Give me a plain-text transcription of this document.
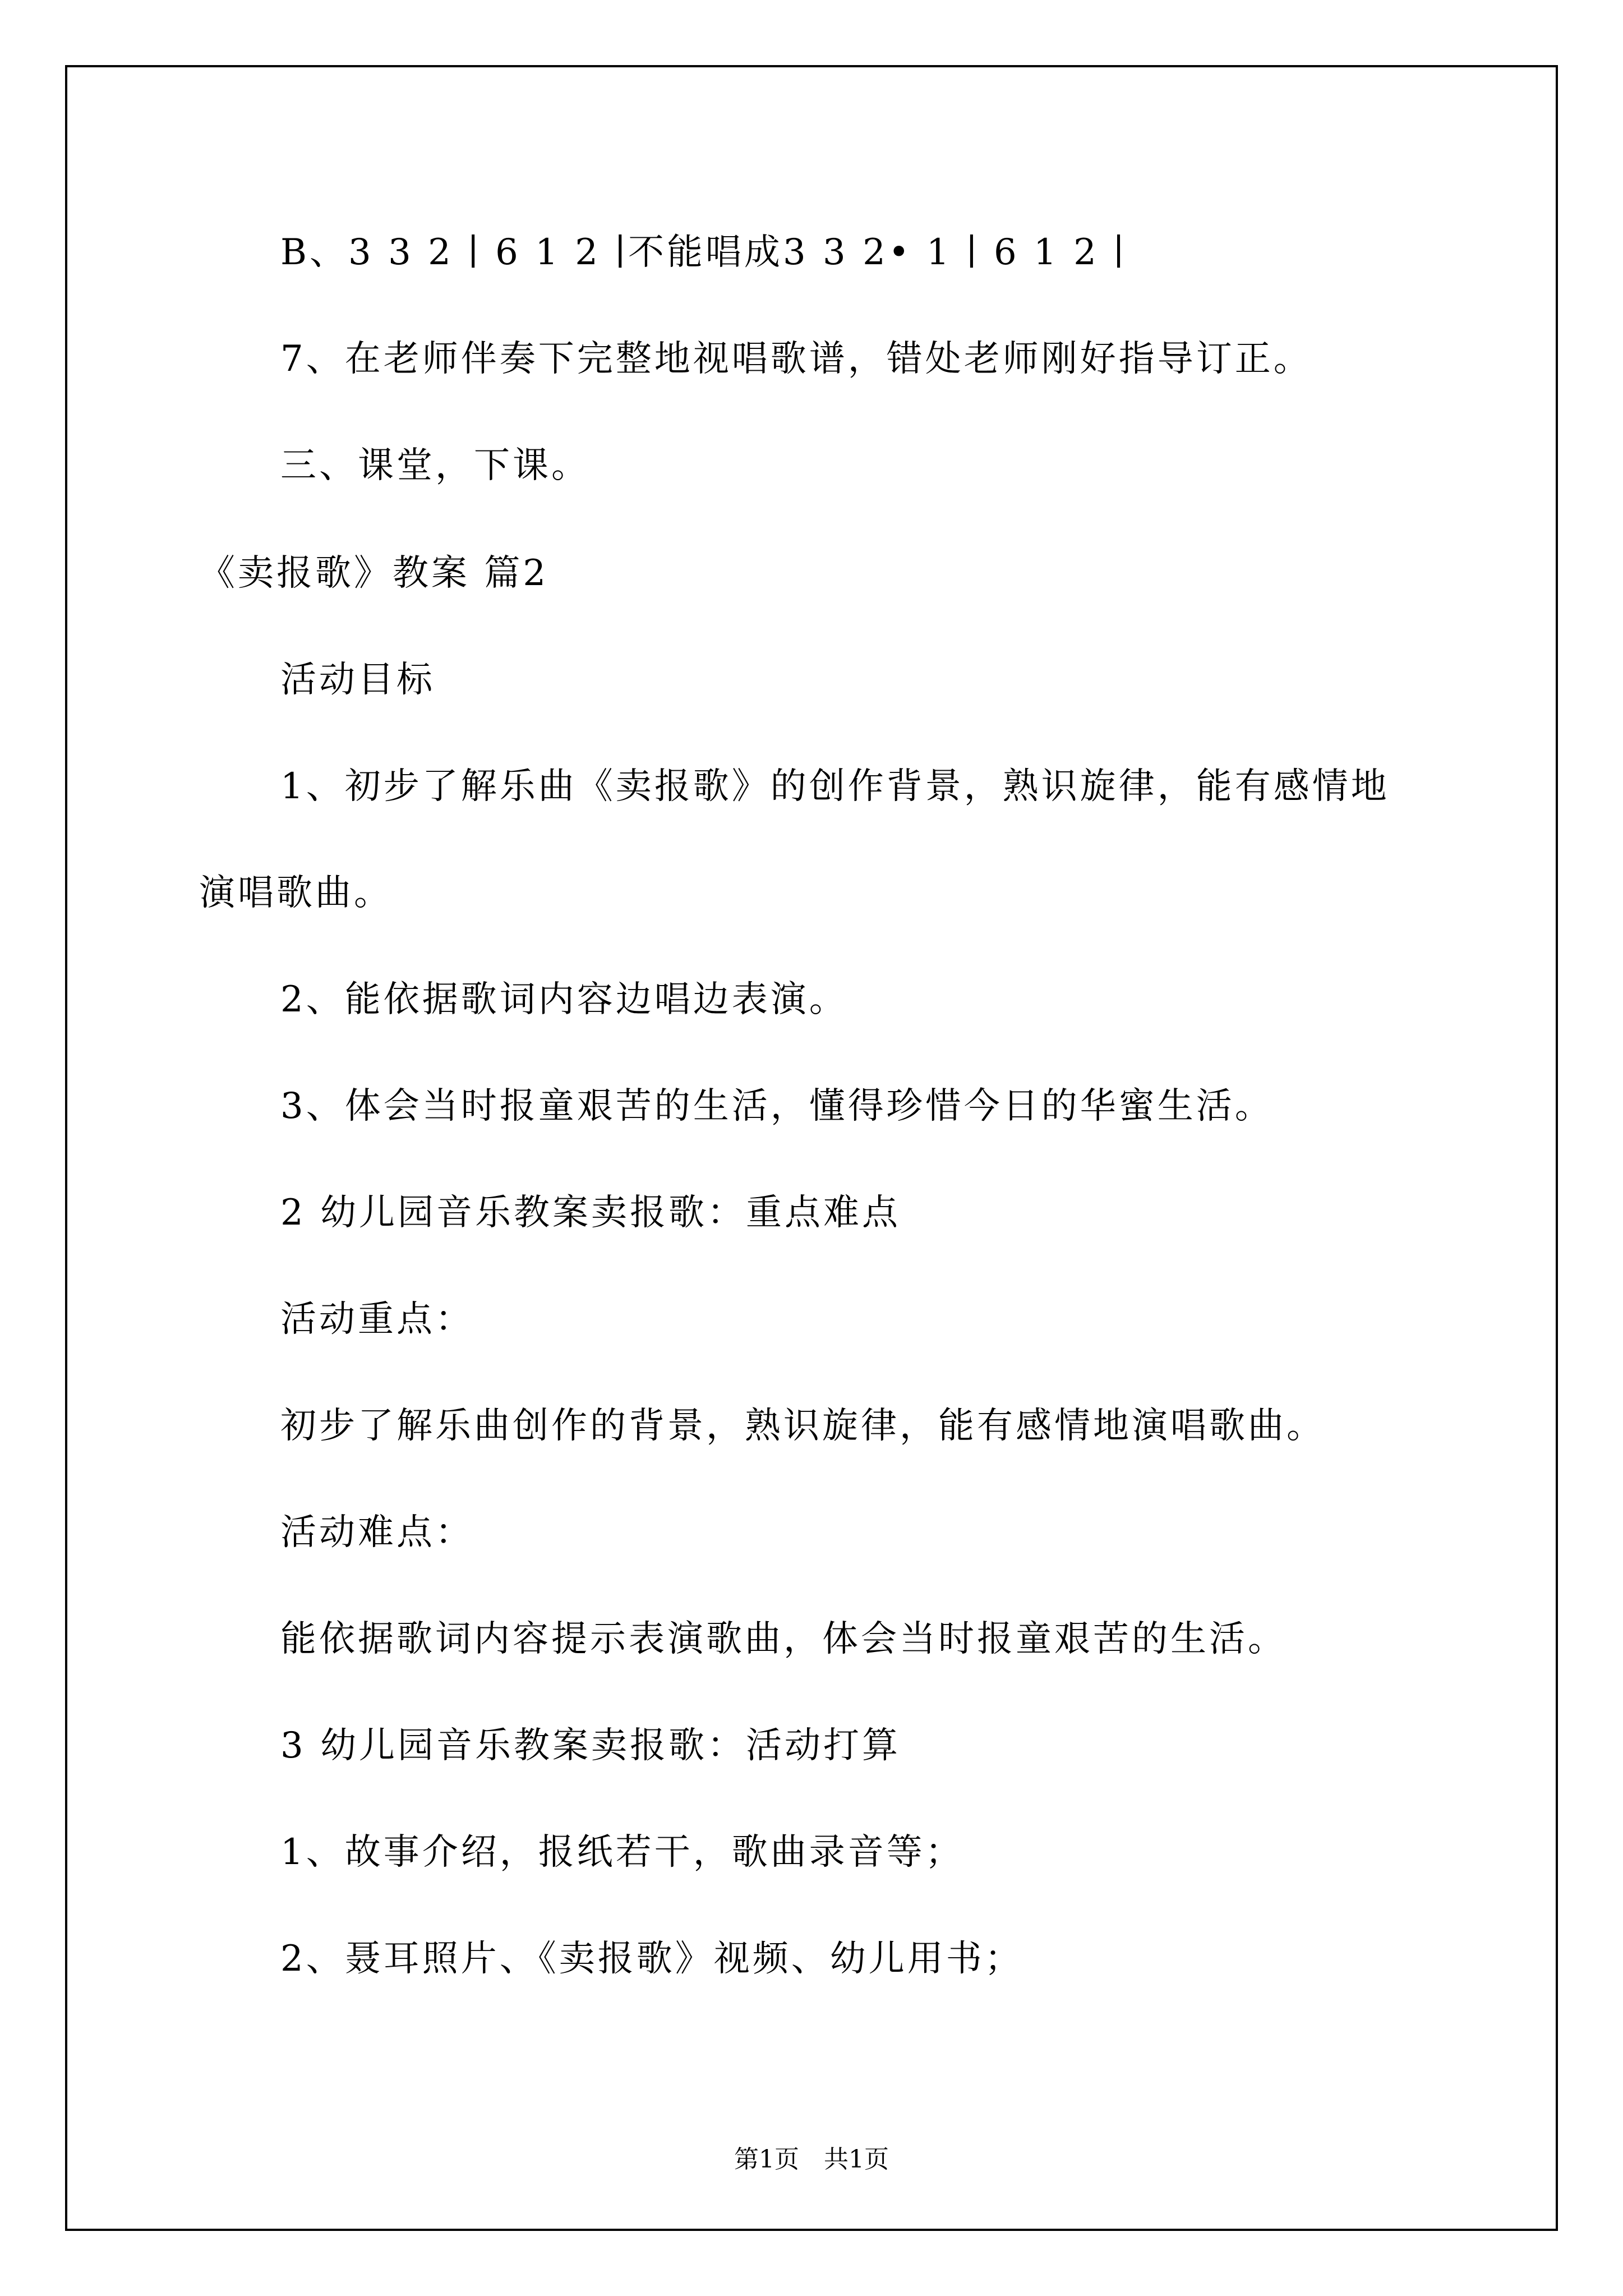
B、3 3 2 ∣ 6 1 2 ∣不能唱成3 3 2• 1 ∣ 6 1 2 ∣
7、在老师伴奏下完整地视唱歌谱，错处老师刚好指导订正。
三、课堂，下课。
《卖报歌》教案 篇2
活动目标
1、初步了解乐曲《卖报歌》的创作背景，熟识旋律，能有感情地
演唱歌曲。
2、能依据歌词内容边唱边表演。
3、体会当时报童艰苦的生活，懂得珍惜今日的华蜜生活。
2 幼儿园音乐教案卖报歌：重点难点
活动重点：
初步了解乐曲创作的背景，熟识旋律，能有感情地演唱歌曲。
活动难点：
能依据歌词内容提示表演歌曲，体会当时报童艰苦的生活。
3 幼儿园音乐教案卖报歌：活动打算
1、故事介绍，报纸若干，歌曲录音等；
2、聂耳照片、《卖报歌》视频、幼儿用书；
第1页　共1页
